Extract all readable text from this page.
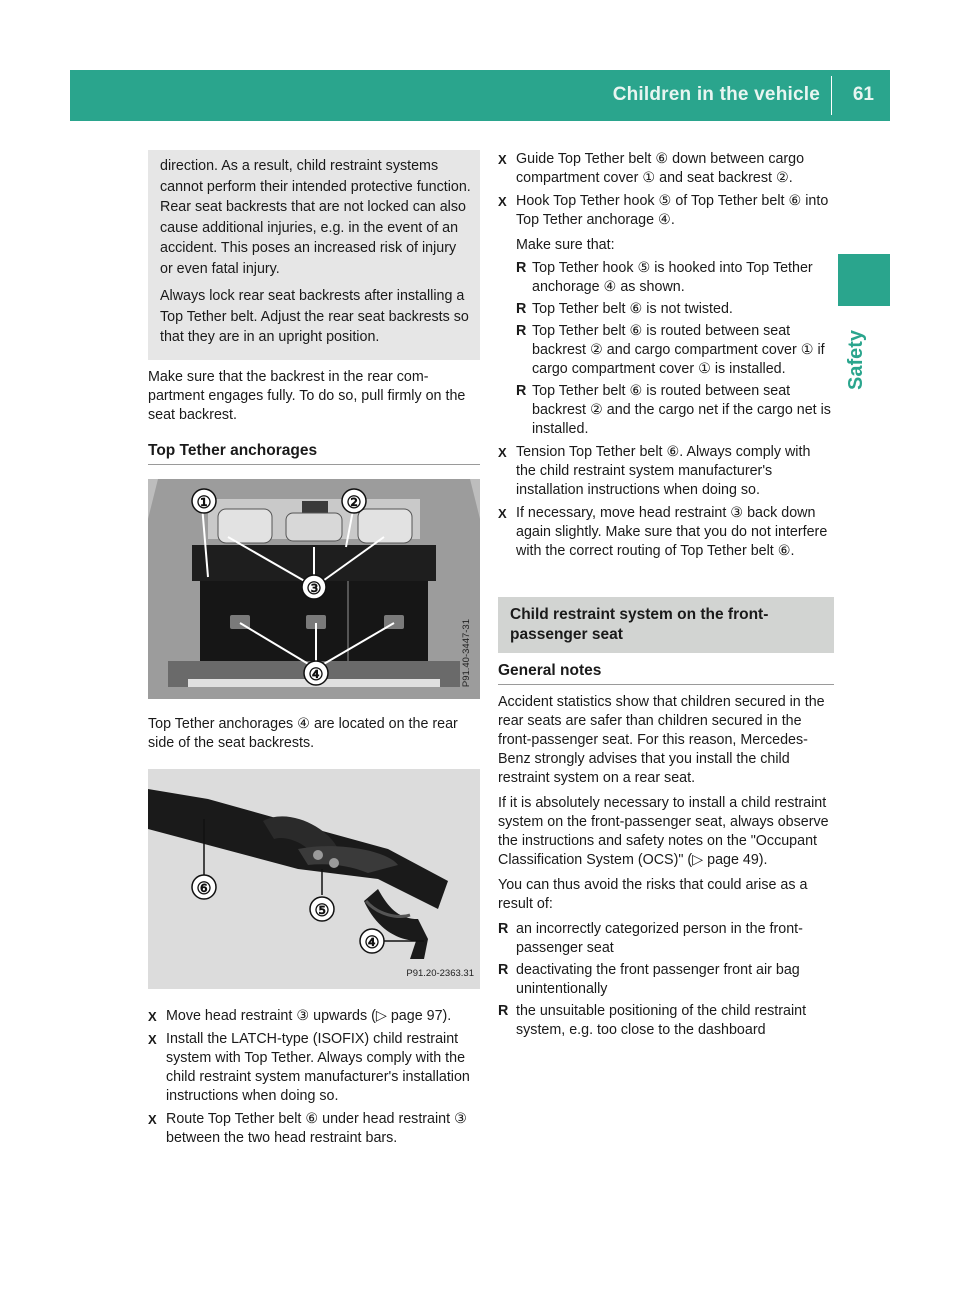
Children in the vehicle 61
Safety

direction. As a result, child restraint systems cannot perform their intended protective function. Rear seat backrests that are not locked can also cause additional injuries, e.g. in the event of an accident. This poses an increased risk of injury or even fatal injury.

Always lock rear seat backrests after installing a Top Tether belt. Adjust the rear seat backrests so that they are in an upright position.

Make sure that the backrest in the rear compartment engages fully. To do so, pull firmly on the seat backrest.

Top Tether anchorages
①	②
③
④	P91.40-3447-31

Top Tether anchorages ④ are located on the rear side of the seat backrests.

⑥
⑤
④
P91.20-2363.31
X Move head restraint ③ upwards (▷ page 97).
X Install the LATCH-type (ISOFIX) child restraint system with Top Tether. Always comply with the child restraint system manufacturer's installation instructions when doing so.
X Route Top Tether belt ⑥ under head restraint ③ between the two head restraint bars.
X Guide Top Tether belt ⑥ down between cargo compartment cover ① and seat backrest ②.
X Hook Top Tether hook ⑤ of Top Tether belt ⑥ into Top Tether anchorage ④.
Make sure that:
R Top Tether hook ⑤ is hooked into Top Tether anchorage ④ as shown.
R Top Tether belt ⑥ is not twisted.
R Top Tether belt ⑥ is routed between seat backrest ② and cargo compartment cover ① if cargo compartment cover ① is installed.
R Top Tether belt ⑥ is routed between seat backrest ② and the cargo net if the cargo net is installed.
X Tension Top Tether belt ⑥. Always comply with the child restraint system manufacturer's installation instructions when doing so.
X If necessary, move head restraint ③ back down again slightly. Make sure that you do not interfere with the correct routing of Top Tether belt ⑥.
Child restraint system on the front-passenger seat
General notes

Accident statistics show that children secured in the rear seats are safer than children secured in the front-passenger seat. For this reason, Mercedes-Benz strongly advises that you install the child restraint system on a rear seat.

If it is absolutely necessary to install a child restraint system on the front-passenger seat, always observe the instructions and safety notes on the "Occupant Classification System (OCS)" (▷ page 49).

You can thus avoid the risks that could arise as a result of:

R an incorrectly categorized person in the front-passenger seat
R deactivating the front passenger front air bag unintentionally
R the unsuitable positioning of the child restraint system, e.g. too close to the dashboard
